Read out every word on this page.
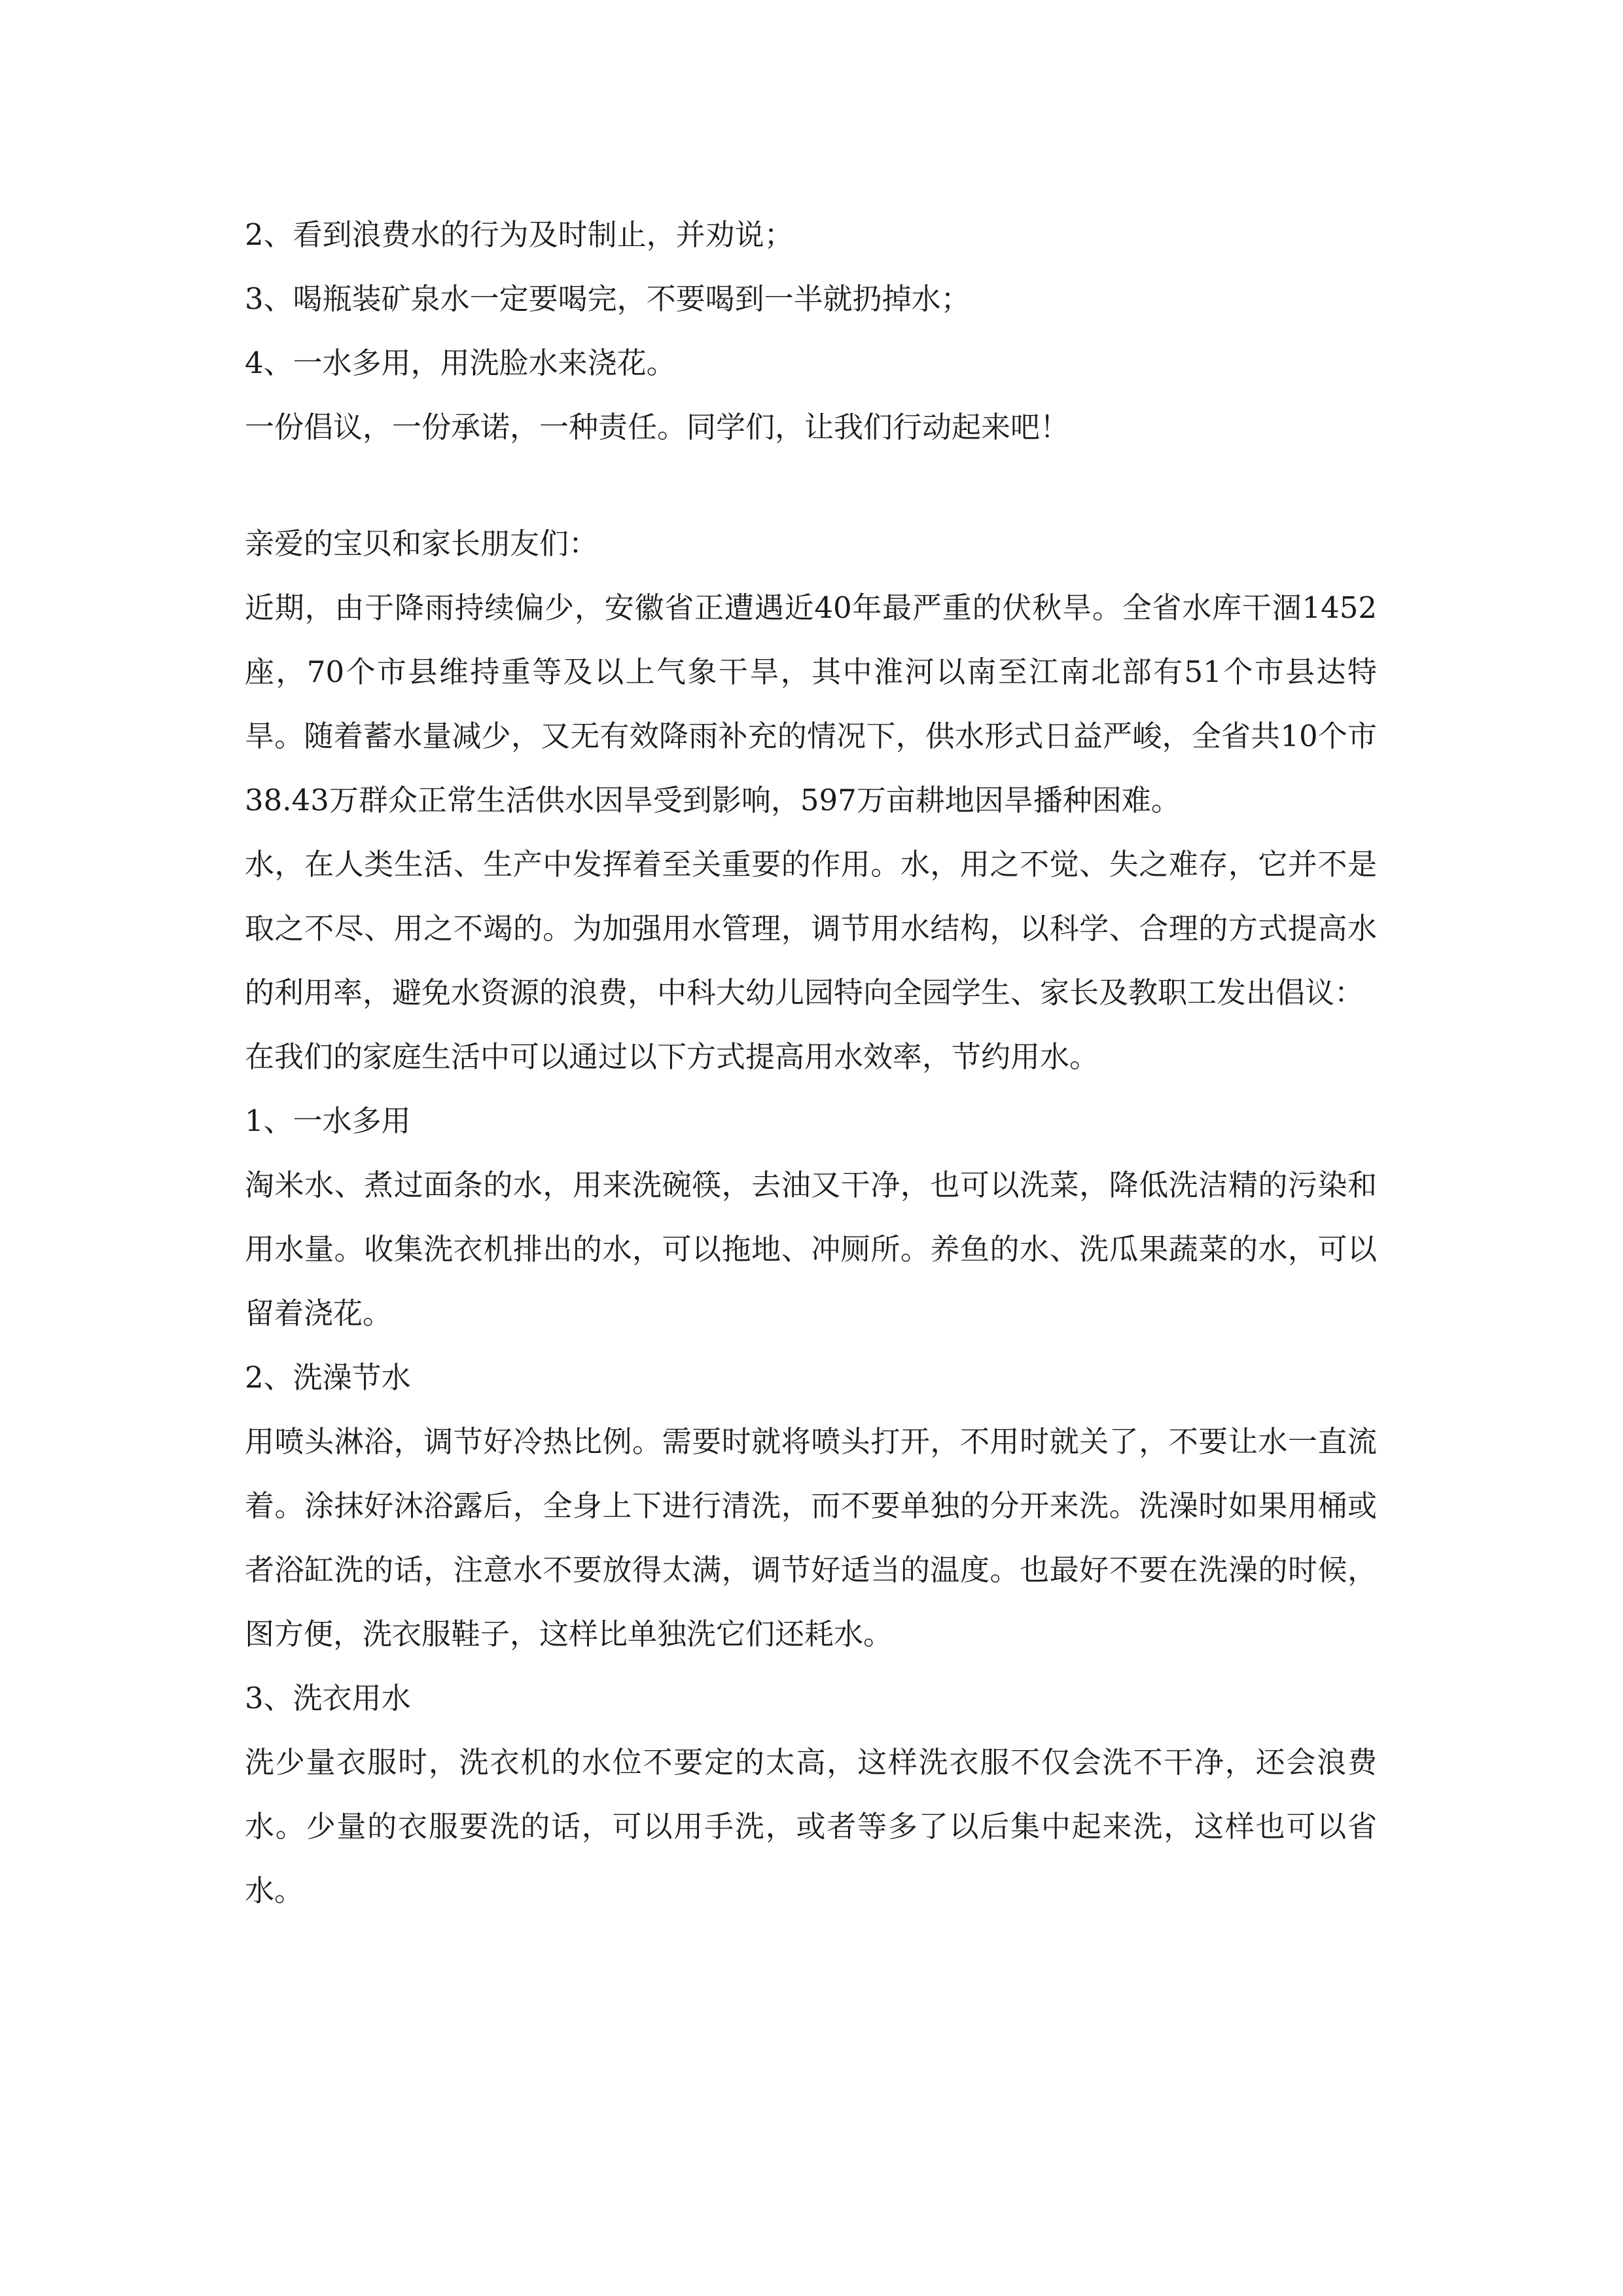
2、看到浪费水的行为及时制止，并劝说；

3、喝瓶装矿泉水一定要喝完，不要喝到一半就扔掉水；

4、一水多用，用洗脸水来浇花。

一份倡议，一份承诺，一种责任。同学们，让我们行动起来吧！

亲爱的宝贝和家长朋友们：

近期，由于降雨持续偏少，安徽省正遭遇近40年最严重的伏秋旱。全省水库干涸1452座，70个市县维持重等及以上气象干旱，其中淮河以南至江南北部有51个市县达特旱。随着蓄水量减少，又无有效降雨补充的情况下，供水形式日益严峻，全省共10个市38.43万群众正常生活供水因旱受到影响，597万亩耕地因旱播种困难。

水，在人类生活、生产中发挥着至关重要的作用。水，用之不觉、失之难存，它并不是取之不尽、用之不竭的。为加强用水管理，调节用水结构，以科学、合理的方式提高水的利用率，避免水资源的浪费，中科大幼儿园特向全园学生、家长及教职工发出倡议：

在我们的家庭生活中可以通过以下方式提高用水效率，节约用水。

1、一水多用

淘米水、煮过面条的水，用来洗碗筷，去油又干净，也可以洗菜，降低洗洁精的污染和用水量。收集洗衣机排出的水，可以拖地、冲厕所。养鱼的水、洗瓜果蔬菜的水，可以留着浇花。

2、洗澡节水

用喷头淋浴，调节好冷热比例。需要时就将喷头打开，不用时就关了，不要让水一直流着。涂抹好沐浴露后，全身上下进行清洗，而不要单独的分开来洗。洗澡时如果用桶或者浴缸洗的话，注意水不要放得太满，调节好适当的温度。也最好不要在洗澡的时候，图方便，洗衣服鞋子，这样比单独洗它们还耗水。

3、洗衣用水

洗少量衣服时，洗衣机的水位不要定的太高，这样洗衣服不仅会洗不干净，还会浪费水。少量的衣服要洗的话，可以用手洗，或者等多了以后集中起来洗，这样也可以省水。
